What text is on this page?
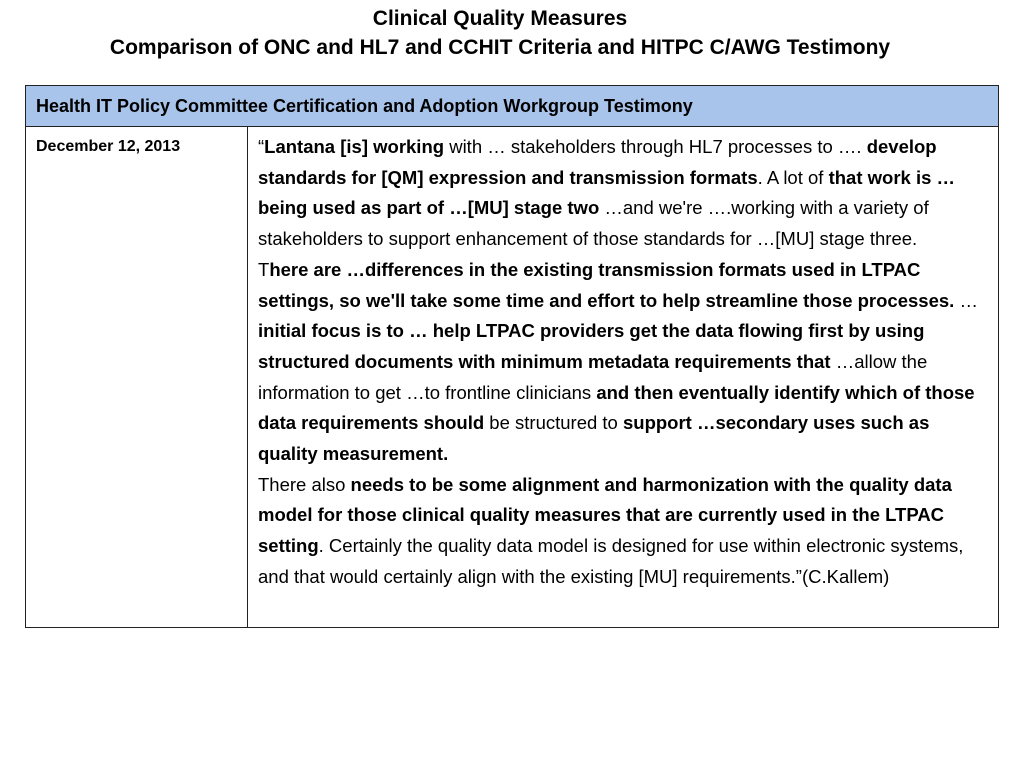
Clinical Quality Measures
Comparison of ONC and HL7 and CCHIT Criteria and HITPC C/AWG Testimony
Health IT Policy Committee Certification and Adoption Workgroup Testimony
December 12, 2013	“Lantana [is] working with … stakeholders through HL7 processes to …. develop standards for [QM] expression and transmission formats. A lot of that work is … being used as part of …[MU] stage two …and we're ….working with a variety of stakeholders to support enhancement of those standards for …[MU] stage three.
There are …differences in the existing transmission formats used in LTPAC settings, so we'll take some time and effort to help streamline those processes. …initial focus is to … help LTPAC providers get the data flowing first by using structured documents with minimum metadata requirements that …allow the information to get …to frontline clinicians and then eventually identify which of those data requirements should be structured to support …secondary uses such as quality measurement.
There also needs to be some alignment and harmonization with the quality data model for those clinical quality measures that are currently used in the LTPAC setting. Certainly the quality data model is designed for use within electronic systems, and that would certainly align with the existing [MU] requirements.”(C.Kallem)
